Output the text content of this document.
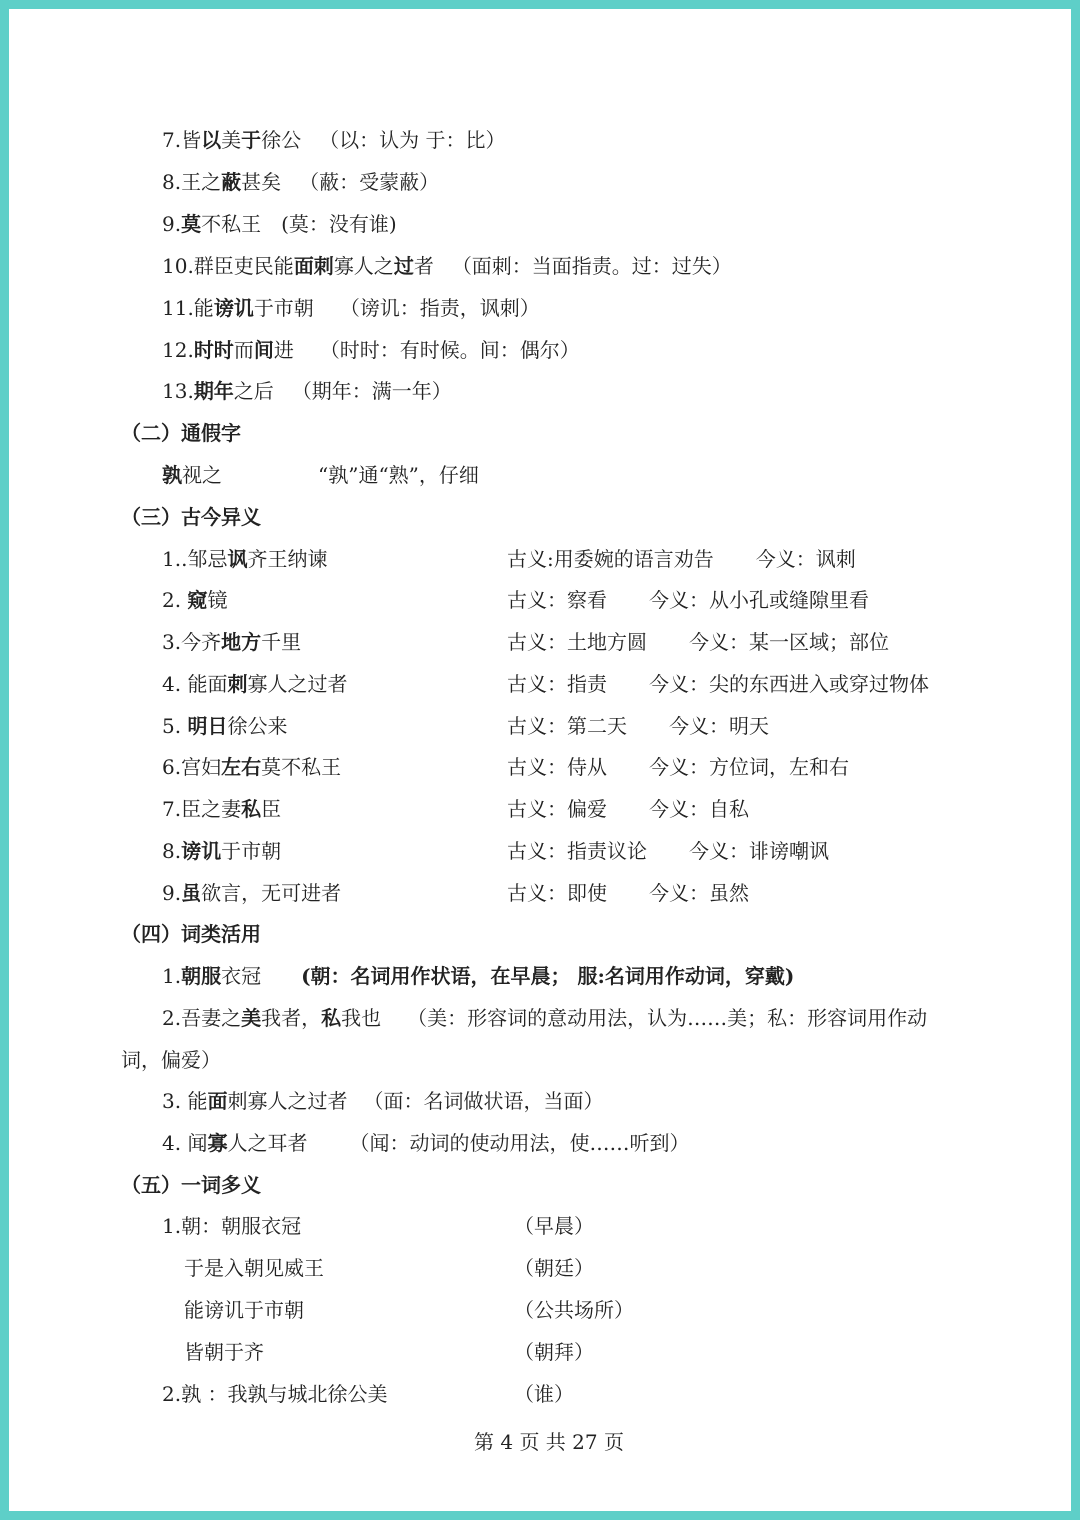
7.皆以美于徐公 （以：认为 于：比）
8.王之蔽甚矣 （蔽：受蒙蔽）
9.莫不私王 (莫：没有谁)
10.群臣吏民能面刺寡人之过者 （面刺：当面指责。过：过失）
11.能谤讥于市朝 （谤讥：指责，讽刺）
12.时时而间进 （时时：有时候。间：偶尔）
13.期年之后 （期年：满一年）
（二）通假字
孰视之	“孰”通“熟”，仔细
（三）古今异义
1..邹忌讽齐王纳谏	古义:用委婉的语言劝告 今义：讽刺
2. 窥镜	古义：察看 今义：从小孔或缝隙里看
3.今齐地方千里	古义：土地方圆 今义：某一区域；部位
4. 能面刺寡人之过者	古义：指责 今义：尖的东西进入或穿过物体
5. 明日徐公来	古义：第二天 今义：明天
6.宫妇左右莫不私王	古义：侍从 今义：方位词，左和右
7.臣之妻私臣	古义：偏爱 今义：自私
8.谤讥于市朝	古义：指责议论 今义：诽谤嘲讽
9.虽欲言，无可进者	古义：即使 今义：虽然
（四）词类活用
1.朝服衣冠 (朝：名词用作状语，在早晨； 服:名词用作动词，穿戴)
2.吾妻之美我者，私我也 （美：形容词的意动用法，认为……美；私：形容词用作动
词，偏爱）
3. 能面刺寡人之过者 （面：名词做状语，当面）
4. 闻寡人之耳者 （闻：动词的使动用法，使……听到）
（五）一词多义
1.朝：朝服衣冠	（早晨）
于是入朝见威王	（朝廷）
能谤讥于市朝	（公共场所）
皆朝于齐	（朝拜）
2.孰 ：我孰与城北徐公美	（谁）
第 4 页 共 27 页
